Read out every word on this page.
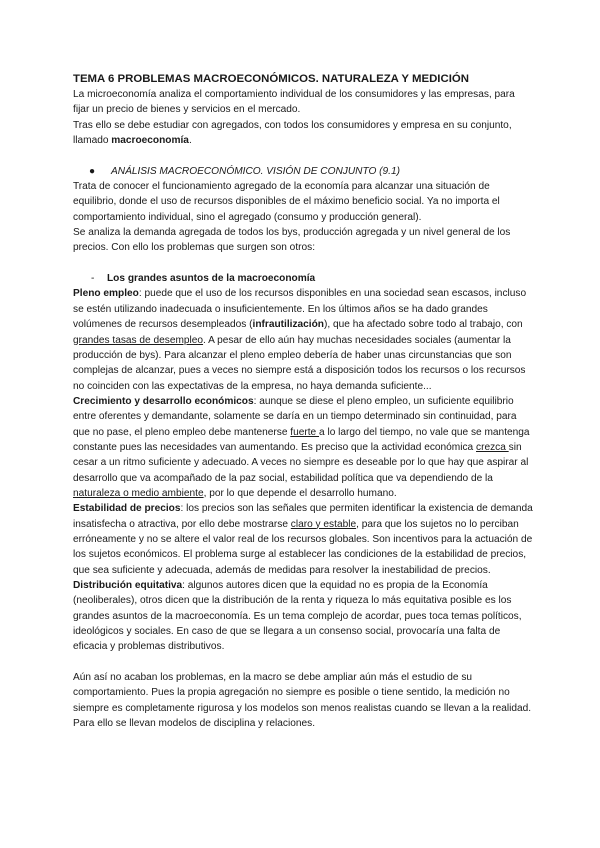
TEMA 6 PROBLEMAS MACROECONÓMICOS. NATURALEZA Y MEDICIÓN

La microeconomía analiza el comportamiento individual de los consumidores y las empresas, para fijar un precio de bienes y servicios en el mercado.

Tras ello se debe estudiar con agregados, con todos los consumidores y empresa en su conjunto, llamado macroeconomía.

● ANÁLISIS MACROECONÓMICO. VISIÓN DE CONJUNTO (9.1)

Trata de conocer el funcionamiento agregado de la economía para alcanzar una situación de equilibrio, donde el uso de recursos disponibles de el máximo beneficio social. Ya no importa el comportamiento individual, sino el agregado (consumo y producción general).

Se analiza la demanda agregada de todos los bys, producción agregada y un nivel general de los precios. Con ello los problemas que surgen son otros:

- Los grandes asuntos de la macroeconomía

Pleno empleo: puede que el uso de los recursos disponibles en una sociedad sean escasos, incluso se estén utilizando inadecuada o insuficientemente. En los últimos años se ha dado grandes volúmenes de recursos desempleados (infrautilización), que ha afectado sobre todo al trabajo, con grandes tasas de desempleo. A pesar de ello aún hay muchas necesidades sociales (aumentar la producción de bys). Para alcanzar el pleno empleo debería de haber unas circunstancias que son complejas de alcanzar, pues a veces no siempre está a disposición todos los recursos o los recursos no coinciden con las expectativas de la empresa, no haya demanda suficiente...

Crecimiento y desarrollo económicos: aunque se diese el pleno empleo, un suficiente equilibrio entre oferentes y demandante, solamente se daría en un tiempo determinado sin continuidad, para que no pase, el pleno empleo debe mantenerse fuerte a lo largo del tiempo, no vale que se mantenga constante pues las necesidades van aumentando. Es preciso que la actividad económica crezca sin cesar a un ritmo suficiente y adecuado. A veces no siempre es deseable por lo que hay que aspirar al desarrollo que va acompañado de la paz social, estabilidad política que va dependiendo de la naturaleza o medio ambiente, por lo que depende el desarrollo humano.

Estabilidad de precios: los precios son las señales que permiten identificar la existencia de demanda insatisfecha o atractiva, por ello debe mostrarse claro y estable, para que los sujetos no lo perciban erróneamente y no se altere el valor real de los recursos globales. Son incentivos para la actuación de los sujetos económicos. El problema surge al establecer las condiciones de la estabilidad de precios, que sea suficiente y adecuada, además de medidas para resolver la inestabilidad de precios.

Distribución equitativa: algunos autores dicen que la equidad no es propia de la Economía (neoliberales), otros dicen que la distribución de la renta y riqueza lo más equitativa posible es los grandes asuntos de la macroeconomía. Es un tema complejo de acordar, pues toca temas políticos, ideológicos y sociales. En caso de que se llegara a un consenso social, provocaría una falta de eficacia y problemas distributivos.

Aún así no acaban los problemas, en la macro se debe ampliar aún más el estudio de su comportamiento. Pues la propia agregación no siempre es posible o tiene sentido, la medición no siempre es completamente rigurosa y los modelos son menos realistas cuando se llevan a la realidad. Para ello se llevan modelos de disciplina y relaciones.
